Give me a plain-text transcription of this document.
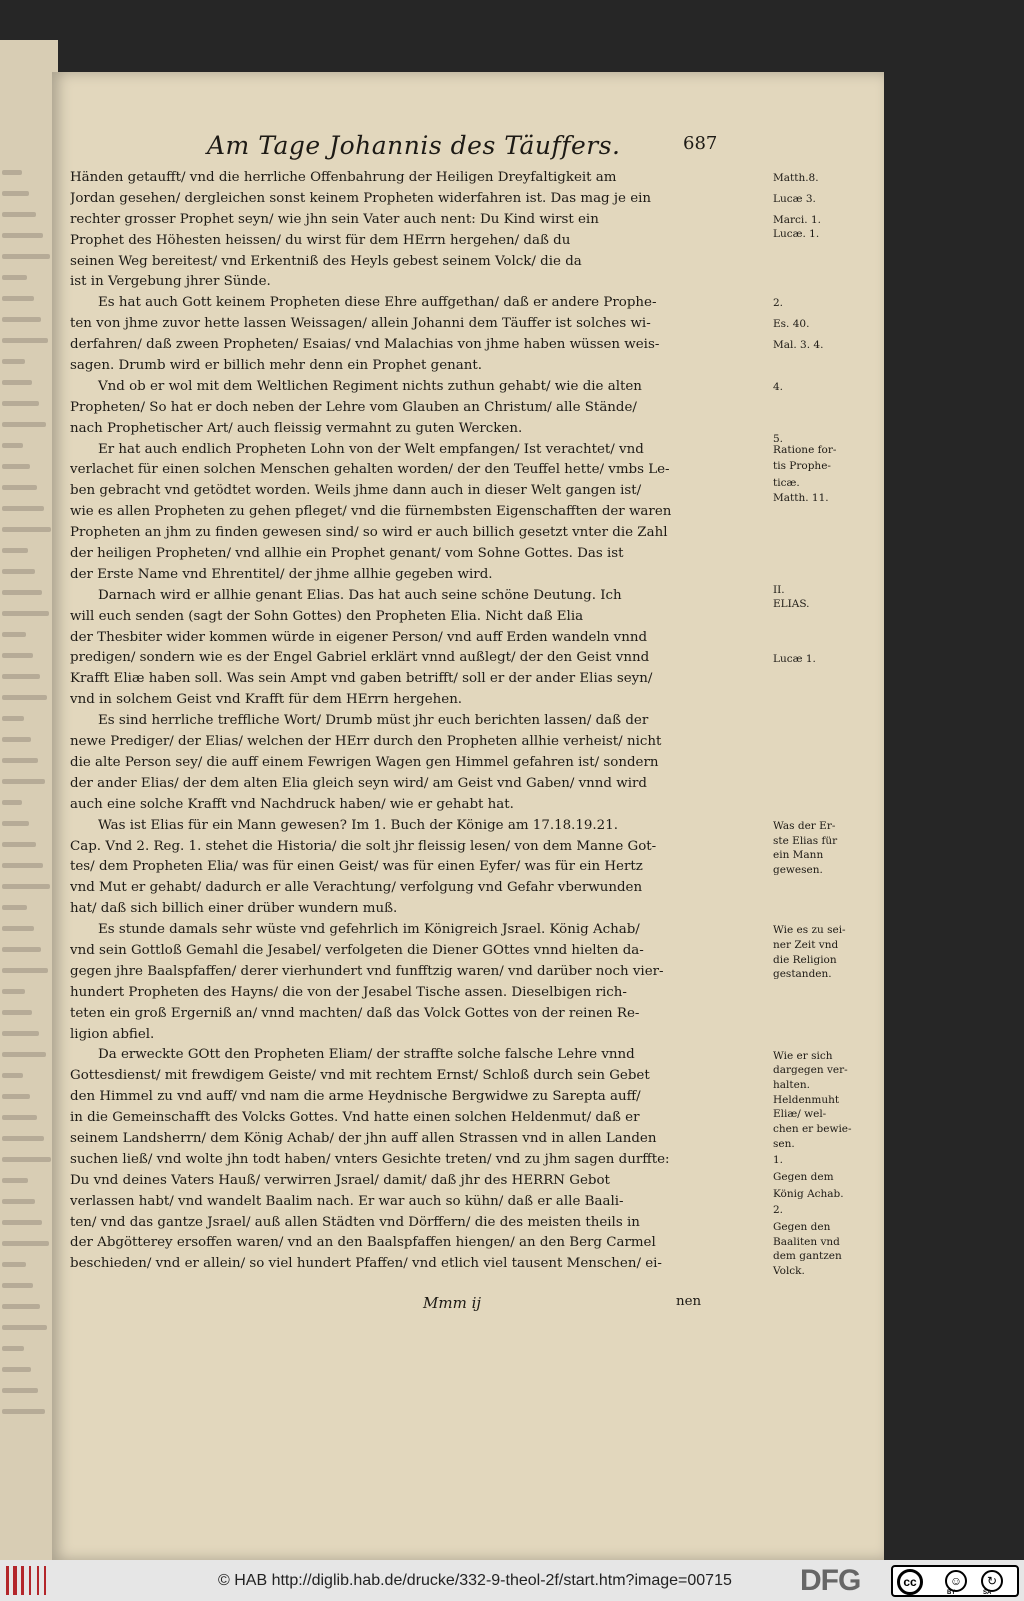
Am Tage Johannis des Täuffers.	687
Händen getaufft/ vnd die herrliche Offenbahrung der Heiligen Dreyfaltigkeit am
Jordan gesehen/ dergleichen sonst keinem Propheten widerfahren ist. Das mag je ein
rechter grosser Prophet seyn/ wie jhn sein Vater auch nent: Du Kind wirst ein
Prophet des Höhesten heissen/ du wirst für dem HErrn hergehen/ daß du
seinen Weg bereitest/ vnd Erkentniß des Heyls gebest seinem Volck/ die da
ist in Vergebung jhrer Sünde.
Es hat auch Gott keinem Propheten diese Ehre auffgethan/ daß er andere Prophe-
ten von jhme zuvor hette lassen Weissagen/ allein Johanni dem Täuffer ist solches wi-
derfahren/ daß zween Propheten/ Esaias/ vnd Malachias von jhme haben wüssen weis-
sagen. Drumb wird er billich mehr denn ein Prophet genant.
Vnd ob er wol mit dem Weltlichen Regiment nichts zuthun gehabt/ wie die alten
Propheten/ So hat er doch neben der Lehre vom Glauben an Christum/ alle Stände/
nach Prophetischer Art/ auch fleissig vermahnt zu guten Wercken.
Er hat auch endlich Propheten Lohn von der Welt empfangen/ Ist verachtet/ vnd
verlachet für einen solchen Menschen gehalten worden/ der den Teuffel hette/ vmbs Le-
ben gebracht vnd getödtet worden. Weils jhme dann auch in dieser Welt gangen ist/
wie es allen Propheten zu gehen pfleget/ vnd die fürnembsten Eigenschafften der waren
Propheten an jhm zu finden gewesen sind/ so wird er auch billich gesetzt vnter die Zahl
der heiligen Propheten/ vnd allhie ein Prophet genant/ vom Sohne Gottes. Das ist
der Erste Name vnd Ehrentitel/ der jhme allhie gegeben wird.
Darnach wird er allhie genant Elias. Das hat auch seine schöne Deutung. Ich
will euch senden (sagt der Sohn Gottes) den Propheten Elia. Nicht daß Elia
der Thesbiter wider kommen würde in eigener Person/ vnd auff Erden wandeln vnnd
predigen/ sondern wie es der Engel Gabriel erklärt vnnd außlegt/ der den Geist vnnd
Krafft Eliæ haben soll. Was sein Ampt vnd gaben betrifft/ soll er der ander Elias seyn/
vnd in solchem Geist vnd Krafft für dem HErrn hergehen.
Es sind herrliche treffliche Wort/ Drumb müst jhr euch berichten lassen/ daß der
newe Prediger/ der Elias/ welchen der HErr durch den Propheten allhie verheist/ nicht
die alte Person sey/ die auff einem Fewrigen Wagen gen Himmel gefahren ist/ sondern
der ander Elias/ der dem alten Elia gleich seyn wird/ am Geist vnd Gaben/ vnnd wird
auch eine solche Krafft vnd Nachdruck haben/ wie er gehabt hat.
Was ist Elias für ein Mann gewesen? Im 1. Buch der Könige am 17.18.19.21.
Cap. Vnd 2. Reg. 1. stehet die Historia/ die solt jhr fleissig lesen/ von dem Manne Got-
tes/ dem Propheten Elia/ was für einen Geist/ was für einen Eyfer/ was für ein Hertz
vnd Mut er gehabt/ dadurch er alle Verachtung/ verfolgung vnd Gefahr vberwunden
hat/ daß sich billich einer drüber wundern muß.
Es stunde damals sehr wüste vnd gefehrlich im Königreich Jsrael. König Achab/
vnd sein Gottloß Gemahl die Jesabel/ verfolgeten die Diener GOttes vnnd hielten da-
gegen jhre Baalspfaffen/ derer vierhundert vnd funfftzig waren/ vnd darüber noch vier-
hundert Propheten des Hayns/ die von der Jesabel Tische assen. Dieselbigen rich-
teten ein groß Ergerniß an/ vnnd machten/ daß das Volck Gottes von der reinen Re-
ligion abfiel.
Da erweckte GOtt den Propheten Eliam/ der straffte solche falsche Lehre vnnd
Gottesdienst/ mit frewdigem Geiste/ vnd mit rechtem Ernst/ Schloß durch sein Gebet
den Himmel zu vnd auff/ vnd nam die arme Heydnische Bergwidwe zu Sarepta auff/
in die Gemeinschafft des Volcks Gottes. Vnd hatte einen solchen Heldenmut/ daß er
seinem Landsherrn/ dem König Achab/ der jhn auff allen Strassen vnd in allen Landen
suchen ließ/ vnd wolte jhn todt haben/ vnters Gesichte treten/ vnd zu jhm sagen durffte:
Du vnd deines Vaters Hauß/ verwirren Jsrael/ damit/ daß jhr des HERRN Gebot
verlassen habt/ vnd wandelt Baalim nach. Er war auch so kühn/ daß er alle Baali-
ten/ vnd das gantze Jsrael/ auß allen Städten vnd Dörffern/ die des meisten theils in
der Abgötterey ersoffen waren/ vnd an den Baalspfaffen hiengen/ an den Berg Carmel
beschieden/ vnd er allein/ so viel hundert Pfaffen/ vnd etlich viel tausent Menschen/ ei-
Matth.8.
Lucæ 3.
Marci. 1.
Lucæ. 1.
2.
Es. 40.
Mal. 3. 4.
4.
5.
Ratione for-
tis Prophe-
ticæ.
Matth. 11.
II.
ELIAS.
Lucæ 1.
Was der Er-
ste Elias für
ein Mann
gewesen.
Wie es zu sei-
ner Zeit vnd
die Religion
gestanden.
Wie er sich
dargegen ver-
halten.
Heldenmuht
Eliæ/ wel-
chen er bewie-
sen.
1.
Gegen dem
König Achab.
2.
Gegen den
Baaliten vnd
dem gantzen
Volck.
Mmm ij	nen
© HAB http://diglib.hab.de/drucke/332-9-theol-2f/start.htm?image=00715 DFG	cc	☺	↻
BY	SA
